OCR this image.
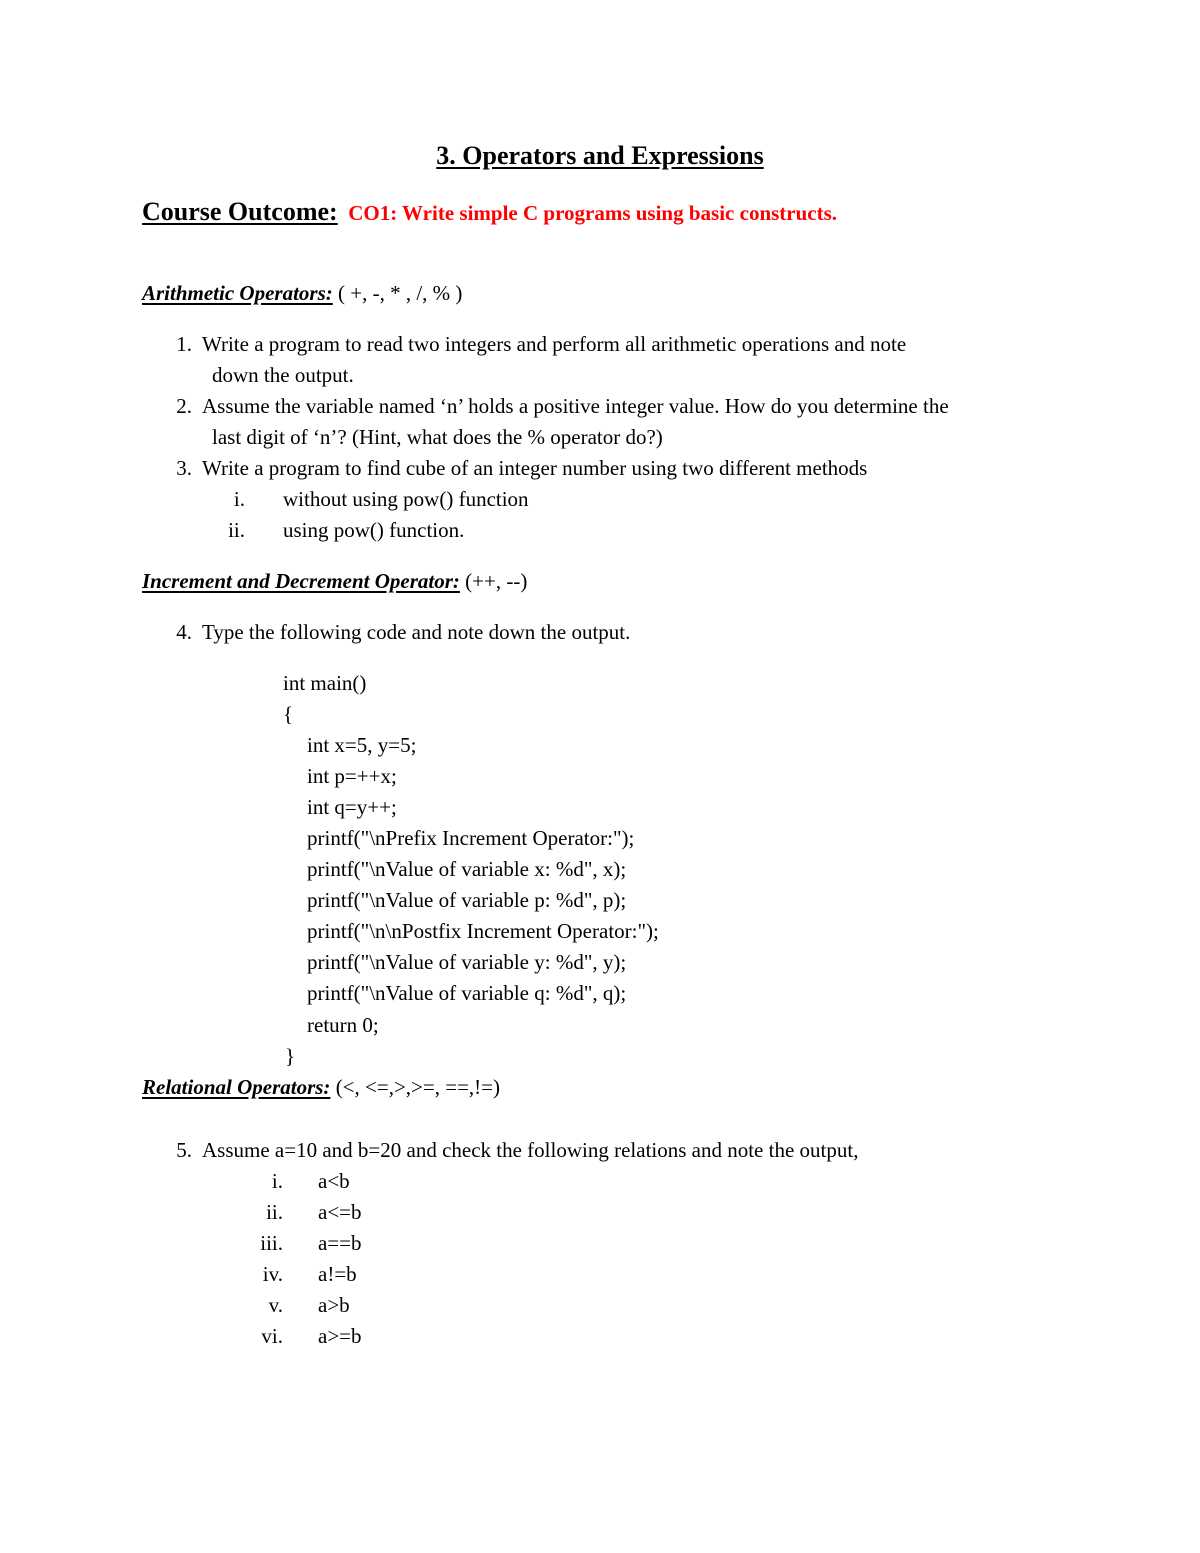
3. Operators and Expressions
Course Outcome: CO1: Write simple C programs using basic constructs.
Arithmetic Operators: ( +, -, * , /, % )
1. Write a program to read two integers and perform all arithmetic operations and note
down the output.
2. Assume the variable named ‘n’ holds a positive integer value. How do you determine the
last digit of ‘n’? (Hint, what does the % operator do?)
3. Write a program to find cube of an integer number using two different methods
i. without using pow() function
ii. using pow() function.
Increment and Decrement Operator: (++, --)
4. Type the following code and note down the output.
int main()
{
int x=5, y=5;
int p=++x;
int q=y++;
printf("\nPrefix Increment Operator:");
printf("\nValue of variable x: %d", x);
printf("\nValue of variable p: %d", p);
printf("\n\nPostfix Increment Operator:");
printf("\nValue of variable y: %d", y);
printf("\nValue of variable q: %d", q);
return 0;
}
Relational Operators: (<, <=,>,>=, ==,!=)
5. Assume a=10 and b=20 and check the following relations and note the output,
i. a<b
ii. a<=b
iii. a==b
iv. a!=b
v. a>b
vi. a>=b
